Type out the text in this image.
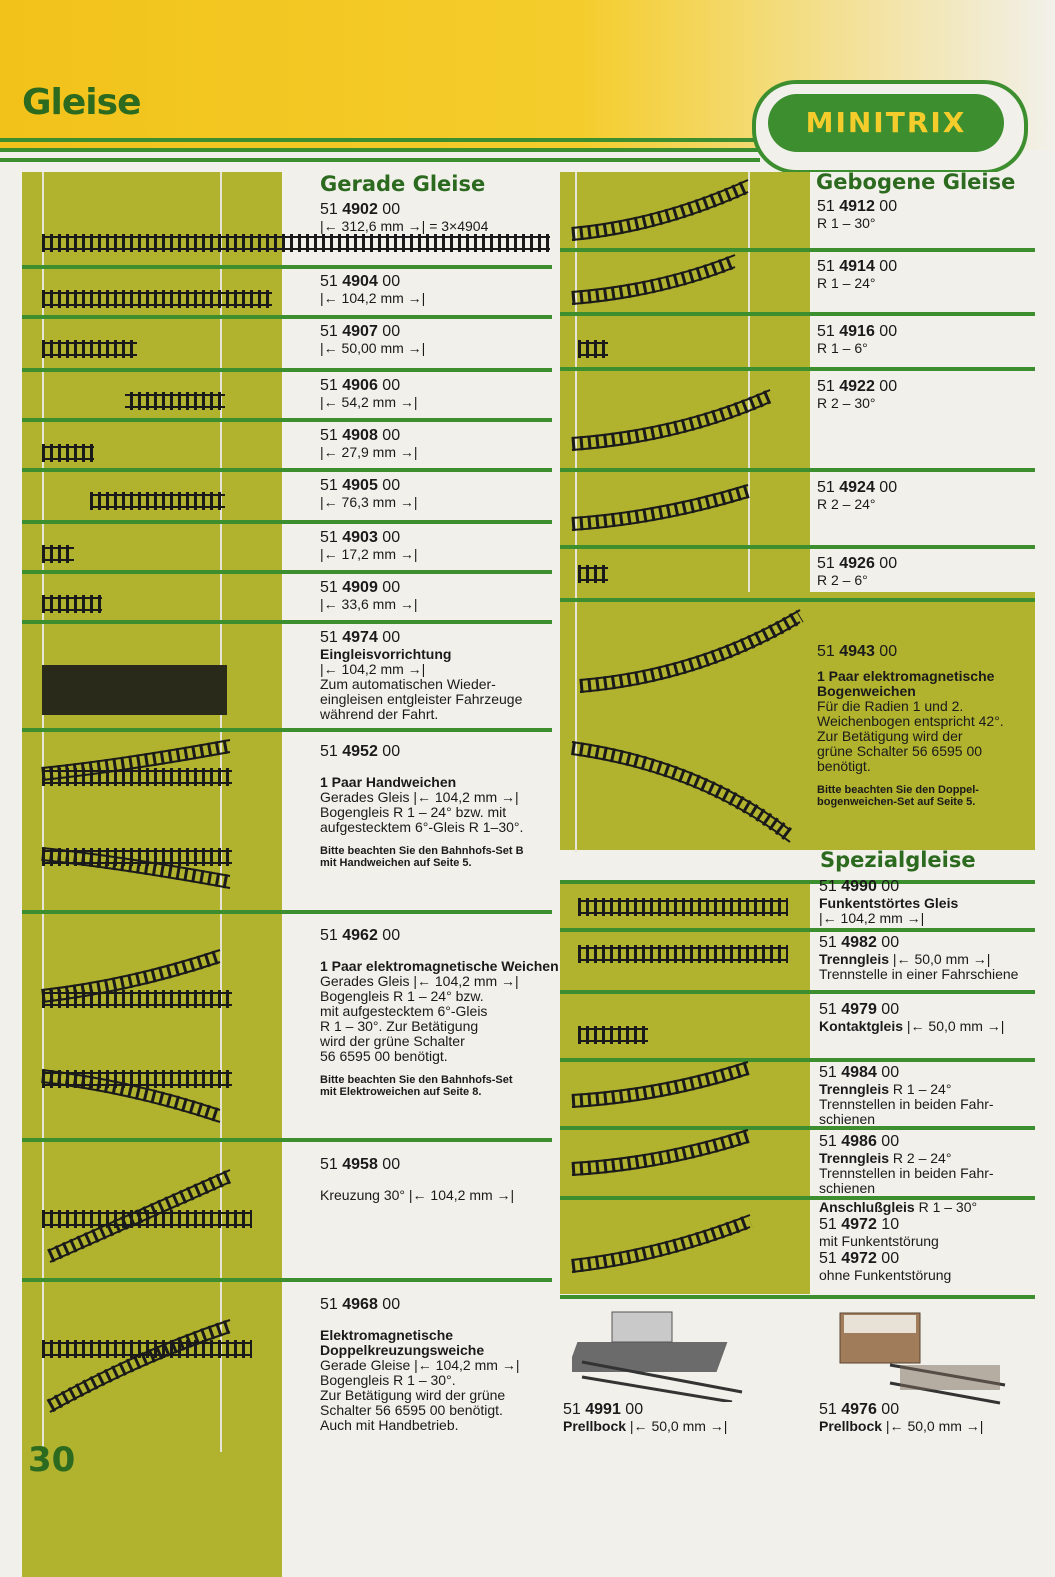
Gleise	MINITRIX
Gerade Gleise	Gebogene Gleise
Spezialgleise
51 4902 00
|← 312,6 mm →| = 3×4904
51 4904 00
|← 104,2 mm →|
51 4907 00
|← 50,00 mm →|
51 4906 00
|← 54,2 mm →|
51 4908 00
|← 27,9 mm →|
51 4905 00
|← 76,3 mm →|
51 4903 00
|← 17,2 mm →|
51 4909 00
|← 33,6 mm →|
51 4974 00
Eingleisvorrichtung
|← 104,2 mm →|
Zum automatischen Wieder-
eingleisen entgleister Fahrzeuge
während der Fahrt.
51 4952 00
1 Paar Handweichen
Gerades Gleis |← 104,2 mm →|
Bogengleis R 1 – 24° bzw. mit
aufgestecktem 6°-Gleis R 1–30°.
Bitte beachten Sie den Bahnhofs-Set B
mit Handweichen auf Seite 5.
51 4962 00
1 Paar elektromagnetische Weichen
Gerades Gleis |← 104,2 mm →|
Bogengleis R 1 – 24° bzw.
mit aufgestecktem 6°-Gleis
R 1 – 30°. Zur Betätigung
wird der grüne Schalter
56 6595 00 benötigt.
Bitte beachten Sie den Bahnhofs-Set
mit Elektroweichen auf Seite 8.
51 4958 00
Kreuzung 30° |← 104,2 mm →|
51 4968 00
Elektromagnetische Doppelkreuzungsweiche
Gerade Gleise |← 104,2 mm →|
Bogengleis R 1 – 30°.
Zur Betätigung wird der grüne
Schalter 56 6595 00 benötigt.
Auch mit Handbetrieb.
51 4912 00
R 1 – 30°
51 4914 00
R 1 – 24°
51 4916 00
R 1 – 6°
51 4922 00
R 2 – 30°
51 4924 00
R 2 – 24°
51 4926 00
R 2 – 6°
51 4943 00
1 Paar elektromagnetische Bogenweichen
Für die Radien 1 und 2.
Weichenbogen entspricht 42°.
Zur Betätigung wird der
grüne Schalter 56 6595 00
benötigt.
Bitte beachten Sie den Doppel-
bogenweichen-Set auf Seite 5.
51 4990 00
Funkentstörtes Gleis
|← 104,2 mm →|
51 4982 00
Trenngleis |← 50,0 mm →|
Trennstelle in einer Fahrschiene
51 4979 00
Kontaktgleis |← 50,0 mm →|
51 4984 00
Trenngleis R 1 – 24°
Trennstellen in beiden Fahr-
schienen
51 4986 00
Trenngleis R 2 – 24°
Trennstellen in beiden Fahr-
schienen
Anschlußgleis R 1 – 30°
51 4972 10
mit Funkentstörung
51 4972 00
ohne Funkentstörung
51 4991 00
Prellbock |← 50,0 mm →|
51 4976 00
Prellbock |← 50,0 mm →|
30
